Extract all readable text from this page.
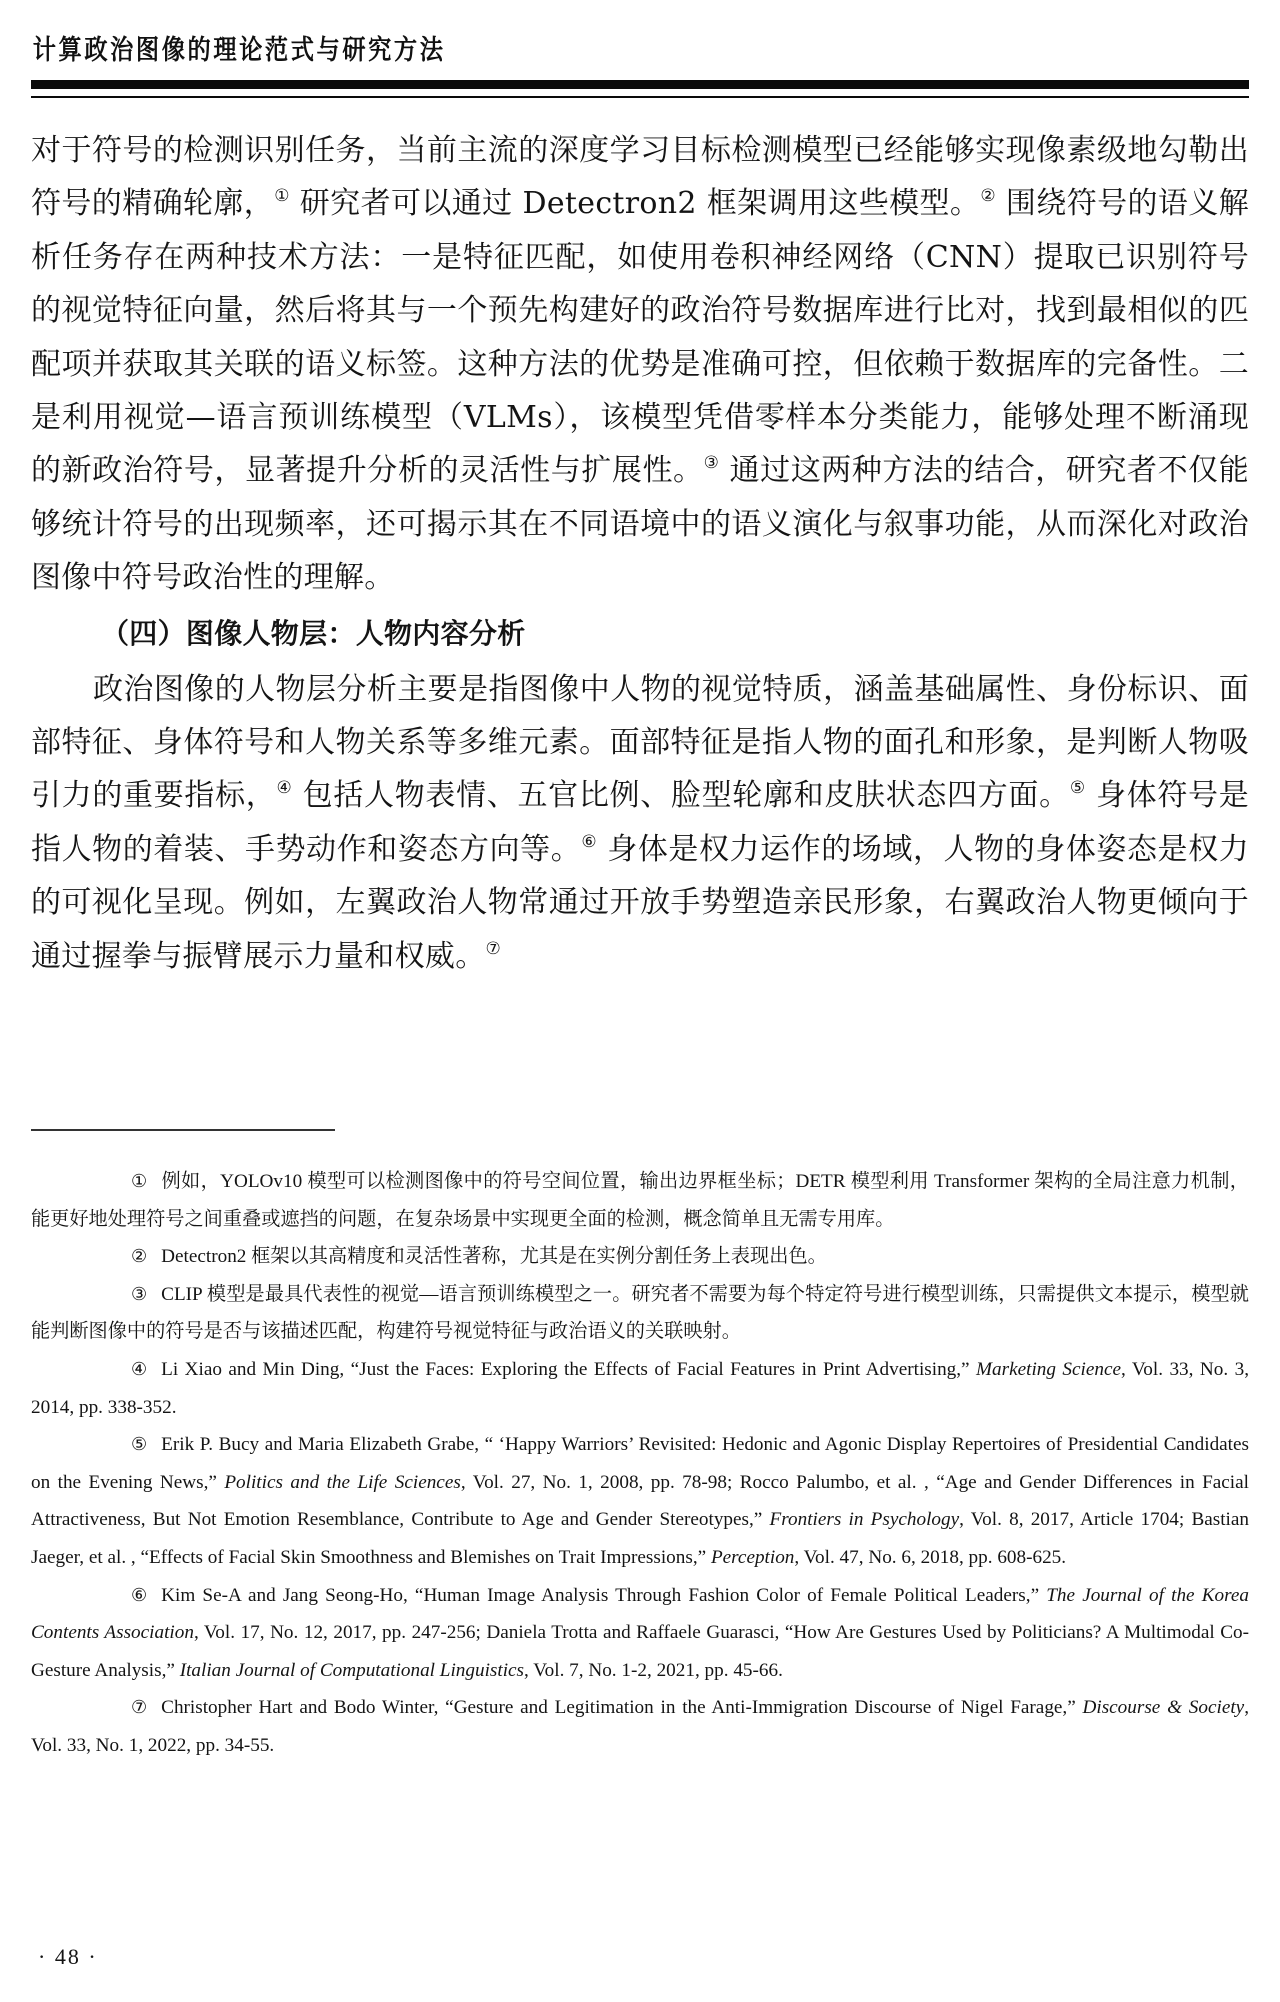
计算政治图像的理论范式与研究方法

对于符号的检测识别任务，当前主流的深度学习目标检测模型已经能够实现像素级地勾勒出符号的精确轮廓，① 研究者可以通过 Detectron2 框架调用这些模型。② 围绕符号的语义解析任务存在两种技术方法：一是特征匹配，如使用卷积神经网络（CNN）提取已识别符号的视觉特征向量，然后将其与一个预先构建好的政治符号数据库进行比对，找到最相似的匹配项并获取其关联的语义标签。这种方法的优势是准确可控，但依赖于数据库的完备性。二是利用视觉—语言预训练模型（VLMs），该模型凭借零样本分类能力，能够处理不断涌现的新政治符号，显著提升分析的灵活性与扩展性。③ 通过这两种方法的结合，研究者不仅能够统计符号的出现频率，还可揭示其在不同语境中的语义演化与叙事功能，从而深化对政治图像中符号政治性的理解。

（四）图像人物层：人物内容分析

政治图像的人物层分析主要是指图像中人物的视觉特质，涵盖基础属性、身份标识、面部特征、身体符号和人物关系等多维元素。面部特征是指人物的面孔和形象，是判断人物吸引力的重要指标，④ 包括人物表情、五官比例、脸型轮廓和皮肤状态四方面。⑤ 身体符号是指人物的着装、手势动作和姿态方向等。⑥ 身体是权力运作的场域，人物的身体姿态是权力的可视化呈现。例如，左翼政治人物常通过开放手势塑造亲民形象，右翼政治人物更倾向于通过握拳与振臂展示力量和权威。⑦

① 例如，YOLOv10 模型可以检测图像中的符号空间位置，输出边界框坐标；DETR 模型利用 Transformer 架构的全局注意力机制，能更好地处理符号之间重叠或遮挡的问题，在复杂场景中实现更全面的检测，概念简单且无需专用库。

② Detectron2 框架以其高精度和灵活性著称，尤其是在实例分割任务上表现出色。

③ CLIP 模型是最具代表性的视觉—语言预训练模型之一。研究者不需要为每个特定符号进行模型训练，只需提供文本提示，模型就能判断图像中的符号是否与该描述匹配，构建符号视觉特征与政治语义的关联映射。

④ Li Xiao and Min Ding, “Just the Faces: Exploring the Effects of Facial Features in Print Advertising,” Marketing Science, Vol. 33, No. 3, 2014, pp. 338-352.

⑤ Erik P. Bucy and Maria Elizabeth Grabe, “ ‘Happy Warriors’ Revisited: Hedonic and Agonic Display Repertoires of Presidential Candidates on the Evening News,” Politics and the Life Sciences, Vol. 27, No. 1, 2008, pp. 78-98; Rocco Palumbo, et al. , “Age and Gender Differences in Facial Attractiveness, But Not Emotion Resemblance, Contribute to Age and Gender Stereotypes,” Frontiers in Psychology, Vol. 8, 2017, Article 1704; Bastian Jaeger, et al. , “Effects of Facial Skin Smoothness and Blemishes on Trait Impressions,” Perception, Vol. 47, No. 6, 2018, pp. 608-625.

⑥ Kim Se-A and Jang Seong-Ho, “Human Image Analysis Through Fashion Color of Female Political Leaders,” The Journal of the Korea Contents Association, Vol. 17, No. 12, 2017, pp. 247-256; Daniela Trotta and Raffaele Guarasci, “How Are Gestures Used by Politicians? A Multimodal Co-Gesture Analysis,” Italian Journal of Computational Linguistics, Vol. 7, No. 1-2, 2021, pp. 45-66.

⑦ Christopher Hart and Bodo Winter, “Gesture and Legitimation in the Anti-Immigration Discourse of Nigel Farage,” Discourse & Society, Vol. 33, No. 1, 2022, pp. 34-55.

· 48 ·
